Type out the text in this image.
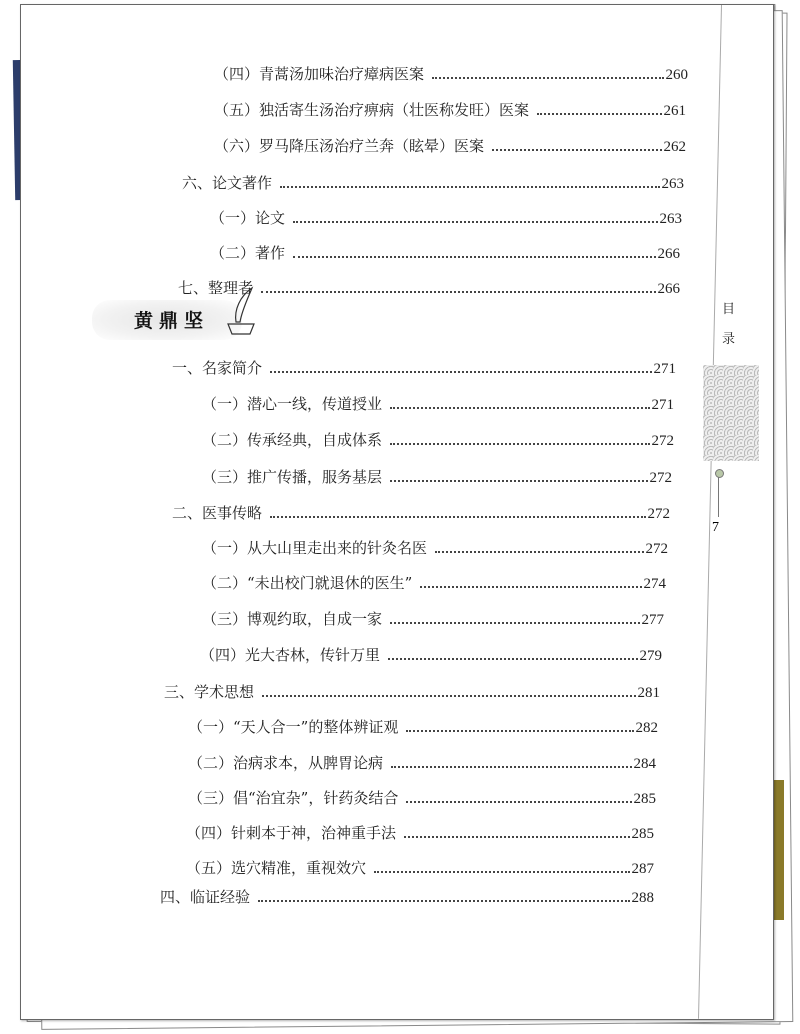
（四）青蒿汤加味治疗瘴病医案	260
（五）独活寄生汤治疗痹病（壮医称发旺）医案	261
（六）罗马降压汤治疗兰奔（眩晕）医案	262
六、论文著作	263
（一）论文	263
（二）著作	266
七、整理者	266
一、名家简介	271
（一）潜心一线，传道授业	271
（二）传承经典，自成体系	272
（三）推广传播，服务基层	272
二、医事传略	272
（一）从大山里走出来的针灸名医	272
（二）“未出校门就退休的医生”	274
（三）博观约取，自成一家	277
（四）光大杏林，传针万里	279
三、学术思想	281
（一）“天人合一”的整体辨证观	282
（二）治病求本，从脾胃论病	284
（三）倡“治宜杂”，针药灸结合	285
（四）针刺本于神，治神重手法	285
（五）选穴精准，重视效穴	287
四、临证经验	288
黄鼎坚
目
录
7
